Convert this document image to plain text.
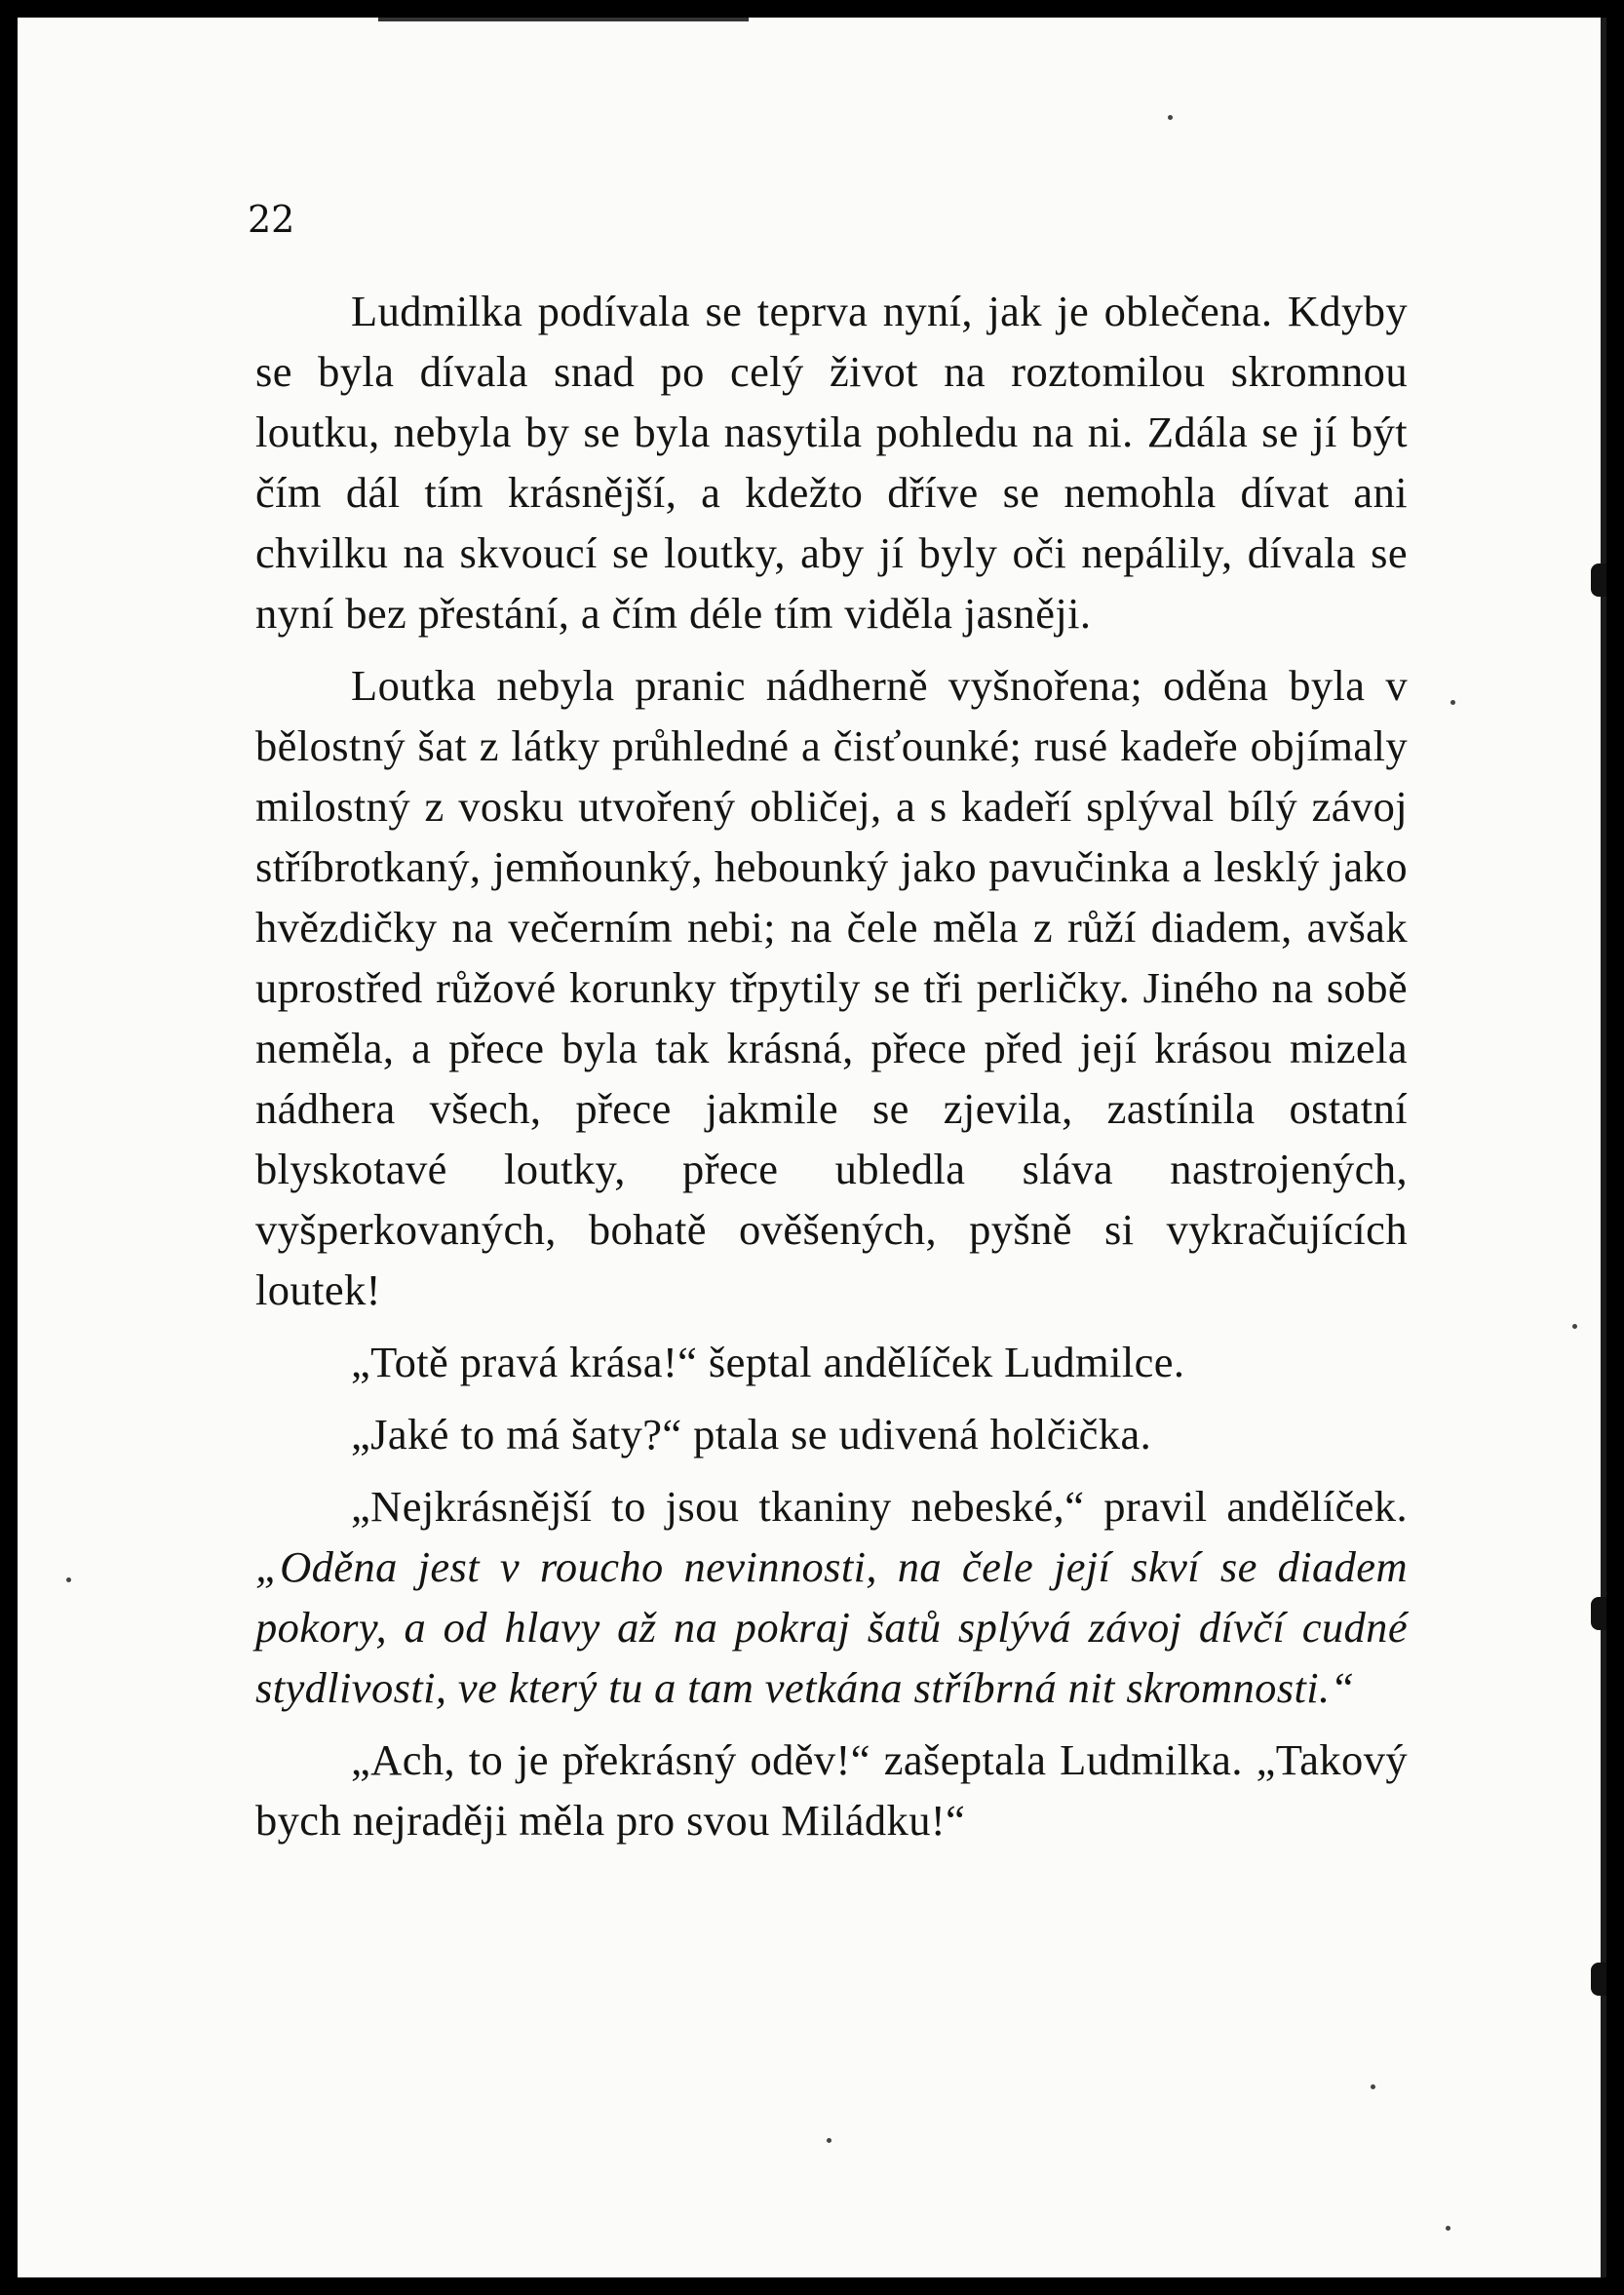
22

Ludmilka podívala se teprva nyní, jak je oblečena. Kdyby se byla dívala snad po celý život na roztomilou skromnou loutku, nebyla by se byla nasytila pohledu na ni. Zdála se jí být čím dál tím krásnější, a kdežto dříve se nemohla dívat ani chvilku na skvoucí se loutky, aby jí byly oči nepálily, dívala se nyní bez přestání, a čím déle tím viděla jasněji.

Loutka nebyla pranic nádherně vyšnořena; oděna byla v bělostný šat z látky průhledné a čisťounké; rusé kadeře objímaly milostný z vosku utvořený obličej, a s kadeří splýval bílý závoj stříbrotkaný, jemňounký, hebounký jako pavučinka a lesklý jako hvězdičky na večerním nebi; na čele měla z růží diadem, avšak uprostřed růžové korunky třpytily se tři perličky. Jiného na sobě neměla, a přece byla tak krásná, přece před její krásou mizela nádhera všech, přece jakmile se zjevila, zastínila ostatní blyskotavé loutky, přece ubledla sláva nastrojených, vyšperkovaných, bohatě ověšených, pyšně si vykračujících loutek!

„Totě pravá krása!“ šeptal andělíček Ludmilce.

„Jaké to má šaty?“ ptala se udivená holčička.

„Nejkrásnější to jsou tkaniny nebeské,“ pravil andělíček. „Oděna jest v roucho nevinnosti, na čele její skví se diadem pokory, a od hlavy až na pokraj šatů splývá závoj dívčí cudné stydlivosti, ve který tu a tam vetkána stříbrná nit skromnosti.“

„Ach, to je překrásný oděv!“ zašeptala Ludmilka. „Takový bych nejraději měla pro svou Miládku!“
